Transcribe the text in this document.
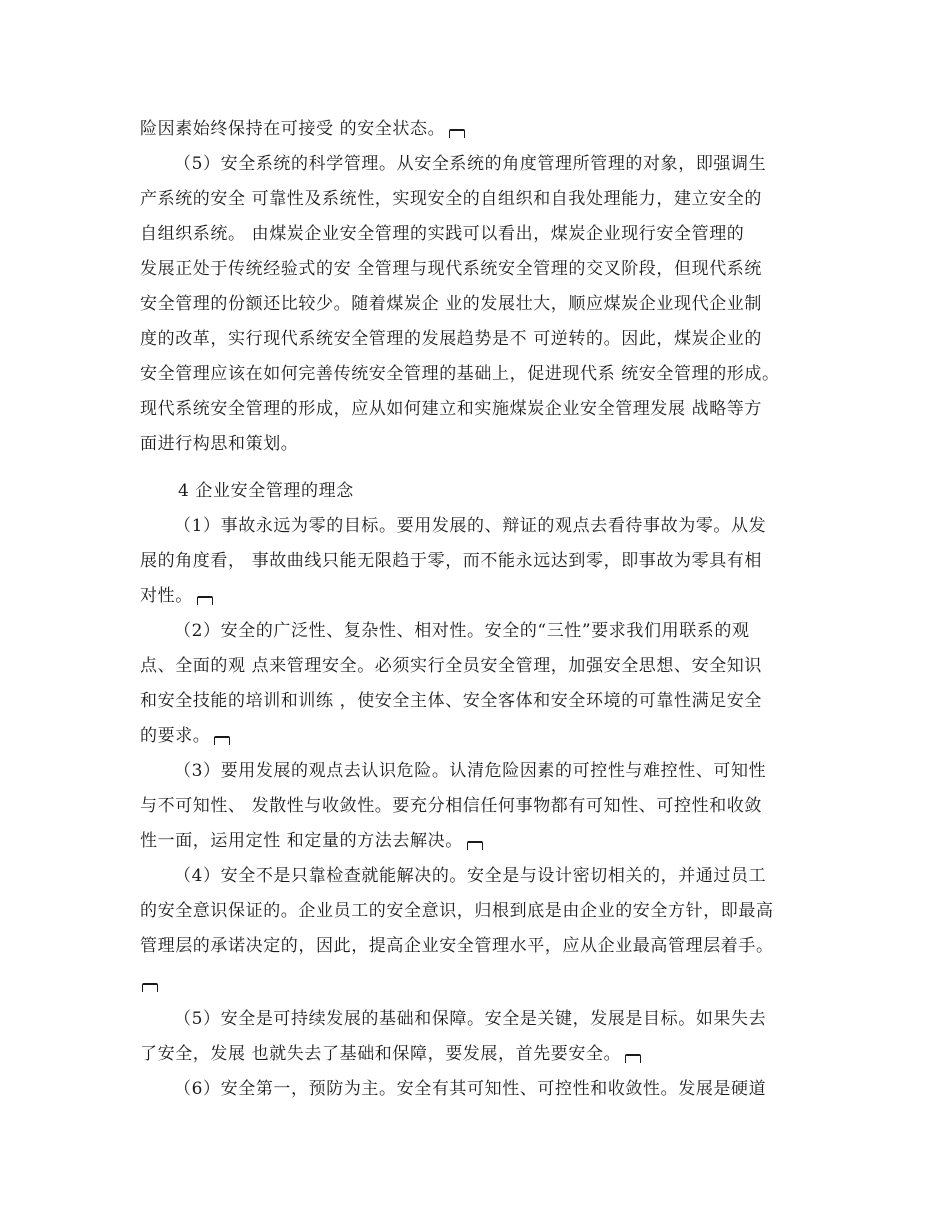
险因素始终保持在可接受 的安全状态。
（5）安全系统的科学管理。从安全系统的角度管理所管理的对象，即强调生
产系统的安全 可靠性及系统性，实现安全的自组织和自我处理能力，建立安全的
自组织系统。 由煤炭企业安全管理的实践可以看出，煤炭企业现行安全管理的
发展正处于传统经验式的安 全管理与现代系统安全管理的交叉阶段，但现代系统
安全管理的份额还比较少。随着煤炭企 业的发展壮大，顺应煤炭企业现代企业制
度的改革，实行现代系统安全管理的发展趋势是不 可逆转的。因此，煤炭企业的
安全管理应该在如何完善传统安全管理的基础上，促进现代系 统安全管理的形成。
现代系统安全管理的形成，应从如何建立和实施煤炭企业安全管理发展 战略等方
面进行构思和策划。
4 企业安全管理的理念
（1）事故永远为零的目标。要用发展的、辩证的观点去看待事故为零。从发
展的角度看， 事故曲线只能无限趋于零，而不能永远达到零，即事故为零具有相
对性。
（2）安全的广泛性、复杂性、相对性。安全的“三性”要求我们用联系的观
点、全面的观 点来管理安全。必须实行全员安全管理，加强安全思想、安全知识
和安全技能的培训和训练 ，使安全主体、安全客体和安全环境的可靠性满足安全
的要求。
（3）要用发展的观点去认识危险。认清危险因素的可控性与难控性、可知性
与不可知性、 发散性与收敛性。要充分相信任何事物都有可知性、可控性和收敛
性一面，运用定性 和定量的方法去解决。
（4）安全不是只靠检查就能解决的。安全是与设计密切相关的，并通过员工
的安全意识保证的。企业员工的安全意识，归根到底是由企业的安全方针，即最高
管理层的承诺决定的，因此，提高企业安全管理水平，应从企业最高管理层着手。
（5）安全是可持续发展的基础和保障。安全是关键，发展是目标。如果失去
了安全，发展 也就失去了基础和保障，要发展，首先要安全。
（6）安全第一，预防为主。安全有其可知性、可控性和收敛性。发展是硬道
